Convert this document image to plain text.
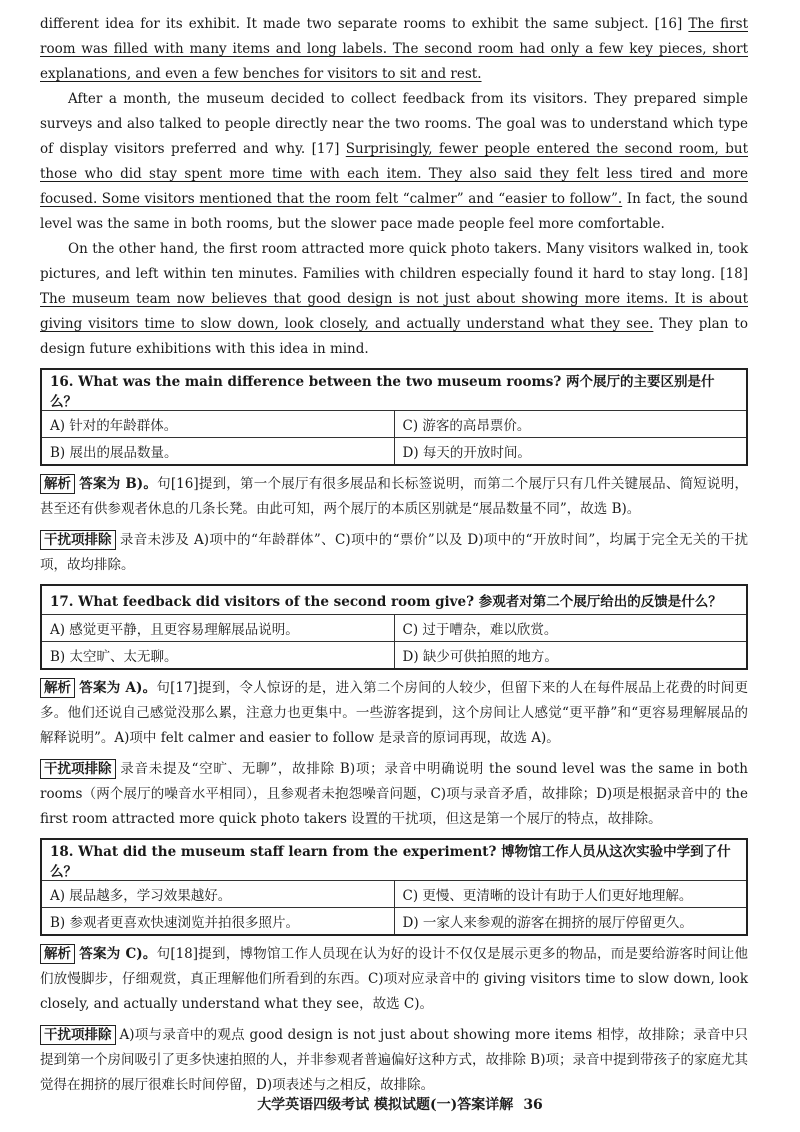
different idea for its exhibit. It made two separate rooms to exhibit the same subject. [16] The first room was filled with many items and long labels. The second room had only a few key pieces, short explanations, and even a few benches for visitors to sit and rest.

After a month, the museum decided to collect feedback from its visitors. They prepared simple surveys and also talked to people directly near the two rooms. The goal was to understand which type of display visitors preferred and why. [17] Surprisingly, fewer people entered the second room, but those who did stay spent more time with each item. They also said they felt less tired and more focused. Some visitors mentioned that the room felt “calmer” and “easier to follow”. In fact, the sound level was the same in both rooms, but the slower pace made people feel more comfortable.

On the other hand, the first room attracted more quick photo takers. Many visitors walked in, took pictures, and left within ten minutes. Families with children especially found it hard to stay long. [18] The museum team now believes that good design is not just about showing more items. It is about giving visitors time to slow down, look closely, and actually understand what they see. They plan to design future exhibitions with this idea in mind.

16. What was the main difference between the two museum rooms? 两个展厅的主要区别是什么？	
A) 针对的年龄群体。	C) 游客的高昂票价。
B) 展出的展品数量。	D) 每天的开放时间。

解析 答案为 B)。句[16]提到，第一个展厅有很多展品和长标签说明，而第二个展厅只有几件关键展品、简短说明，甚至还有供参观者休息的几条长凳。由此可知，两个展厅的本质区别就是“展品数量不同”，故选 B)。

干扰项排除 录音未涉及 A)项中的“年龄群体”、C)项中的“票价”以及 D)项中的“开放时间”，均属于完全无关的干扰项，故均排除。

17. What feedback did visitors of the second room give? 参观者对第二个展厅给出的反馈是什么？	
A) 感觉更平静，且更容易理解展品说明。	C) 过于嘈杂，难以欣赏。
B) 太空旷、太无聊。	D) 缺少可供拍照的地方。

解析 答案为 A)。句[17]提到，令人惊讶的是，进入第二个房间的人较少，但留下来的人在每件展品上花费的时间更多。他们还说自己感觉没那么累，注意力也更集中。一些游客提到，这个房间让人感觉“更平静”和“更容易理解展品的解释说明”。A)项中 felt calmer and easier to follow 是录音的原词再现，故选 A)。

干扰项排除 录音未提及“空旷、无聊”，故排除 B)项；录音中明确说明 the sound level was the same in both rooms（两个展厅的噪音水平相同），且参观者未抱怨噪音问题，C)项与录音矛盾，故排除；D)项是根据录音中的 the first room attracted more quick photo takers 设置的干扰项，但这是第一个展厅的特点，故排除。

18. What did the museum staff learn from the experiment? 博物馆工作人员从这次实验中学到了什么？	
A) 展品越多，学习效果越好。	C) 更慢、更清晰的设计有助于人们更好地理解。
B) 参观者更喜欢快速浏览并拍很多照片。	D) 一家人来参观的游客在拥挤的展厅停留更久。

解析 答案为 C)。句[18]提到，博物馆工作人员现在认为好的设计不仅仅是展示更多的物品，而是要给游客时间让他们放慢脚步，仔细观赏，真正理解他们所看到的东西。C)项对应录音中的 giving visitors time to slow down, look closely, and actually understand what they see，故选 C)。

干扰项排除 A)项与录音中的观点 good design is not just about showing more items 相悖，故排除；录音中只提到第一个房间吸引了更多快速拍照的人，并非参观者普遍偏好这种方式，故排除 B)项；录音中提到带孩子的家庭尤其觉得在拥挤的展厅很难长时间停留，D)项表述与之相反，故排除。

大学英语四级考试 模拟试题(一)答案详解 36
